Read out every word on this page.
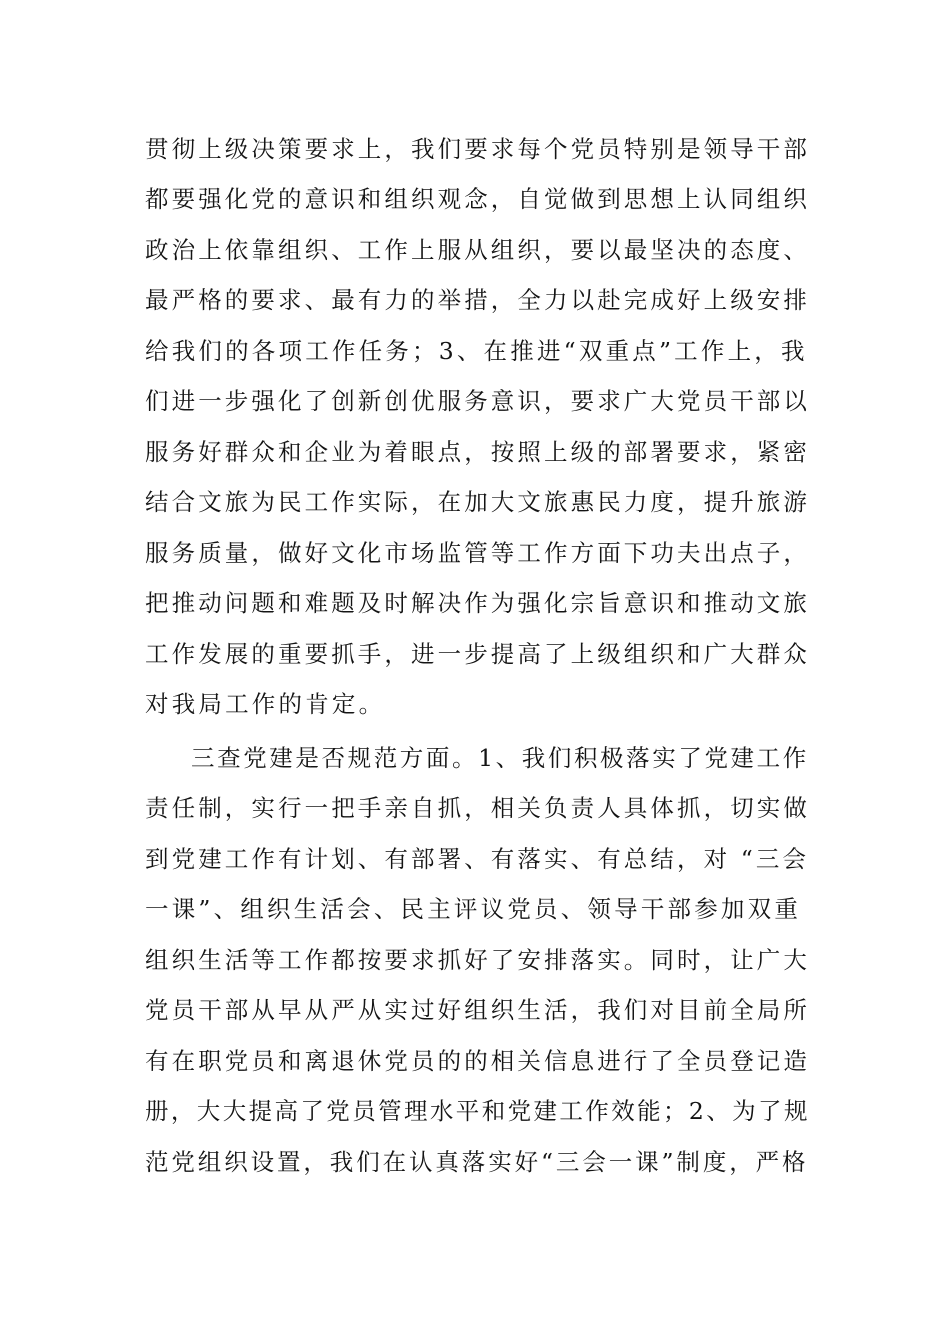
贯彻上级决策要求上，我们要求每个党员特别是领导干部
都要强化党的意识和组织观念，自觉做到思想上认同组织
政治上依靠组织、工作上服从组织，要以最坚决的态度、
最严格的要求、最有力的举措，全力以赴完成好上级安排
给我们的各项工作任务；3、在推进“双重点”工作上，我
们进一步强化了创新创优服务意识，要求广大党员干部以
服务好群众和企业为着眼点，按照上级的部署要求，紧密
结合文旅为民工作实际，在加大文旅惠民力度，提升旅游
服务质量，做好文化市场监管等工作方面下功夫出点子，
把推动问题和难题及时解决作为强化宗旨意识和推动文旅
工作发展的重要抓手，进一步提高了上级组织和广大群众
对我局工作的肯定。
三查党建是否规范方面。1、我们积极落实了党建工作
责任制，实行一把手亲自抓，相关负责人具体抓，切实做
到党建工作有计划、有部署、有落实、有总结，对 “三会
一课”、组织生活会、民主评议党员、领导干部参加双重
组织生活等工作都按要求抓好了安排落实。同时，让广大
党员干部从早从严从实过好组织生活，我们对目前全局所
有在职党员和离退休党员的的相关信息进行了全员登记造
册，大大提高了党员管理水平和党建工作效能；2、为了规
范党组织设置，我们在认真落实好“三会一课”制度，严格
